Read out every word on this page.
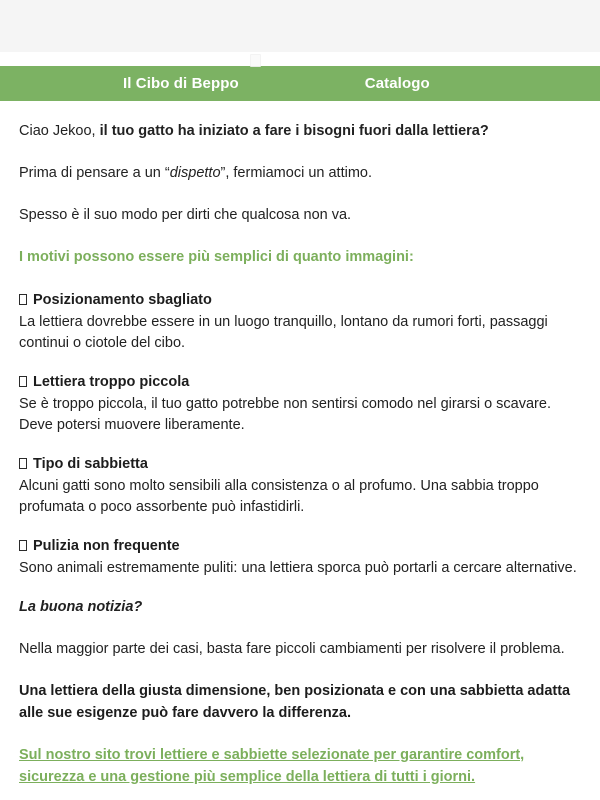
Il Cibo di Beppo	Catalogo

Ciao Jekoo, il tuo gatto ha iniziato a fare i bisogni fuori dalla lettiera?

Prima di pensare a un “dispetto”, fermiamoci un attimo.

Spesso è il suo modo per dirti che qualcosa non va.

I motivi possono essere più semplici di quanto immagini:

Posizionamento sbagliato
La lettiera dovrebbe essere in un luogo tranquillo, lontano da rumori forti, passaggi continui o ciotole del cibo.
Lettiera troppo piccola
Se è troppo piccola, il tuo gatto potrebbe non sentirsi comodo nel girarsi o scavare. Deve potersi muovere liberamente.
Tipo di sabbietta
Alcuni gatti sono molto sensibili alla consistenza o al profumo. Una sabbia troppo profumata o poco assorbente può infastidirli.
Pulizia non frequente
Sono animali estremamente puliti: una lettiera sporca può portarli a cercare alternative.

La buona notizia?

Nella maggior parte dei casi, basta fare piccoli cambiamenti per risolvere il problema.

Una lettiera della giusta dimensione, ben posizionata e con una sabbietta adatta alle sue esigenze può fare davvero la differenza.

Sul nostro sito trovi lettiere e sabbiette selezionate per garantire comfort, sicurezza e una gestione più semplice della lettiera di tutti i giorni.
